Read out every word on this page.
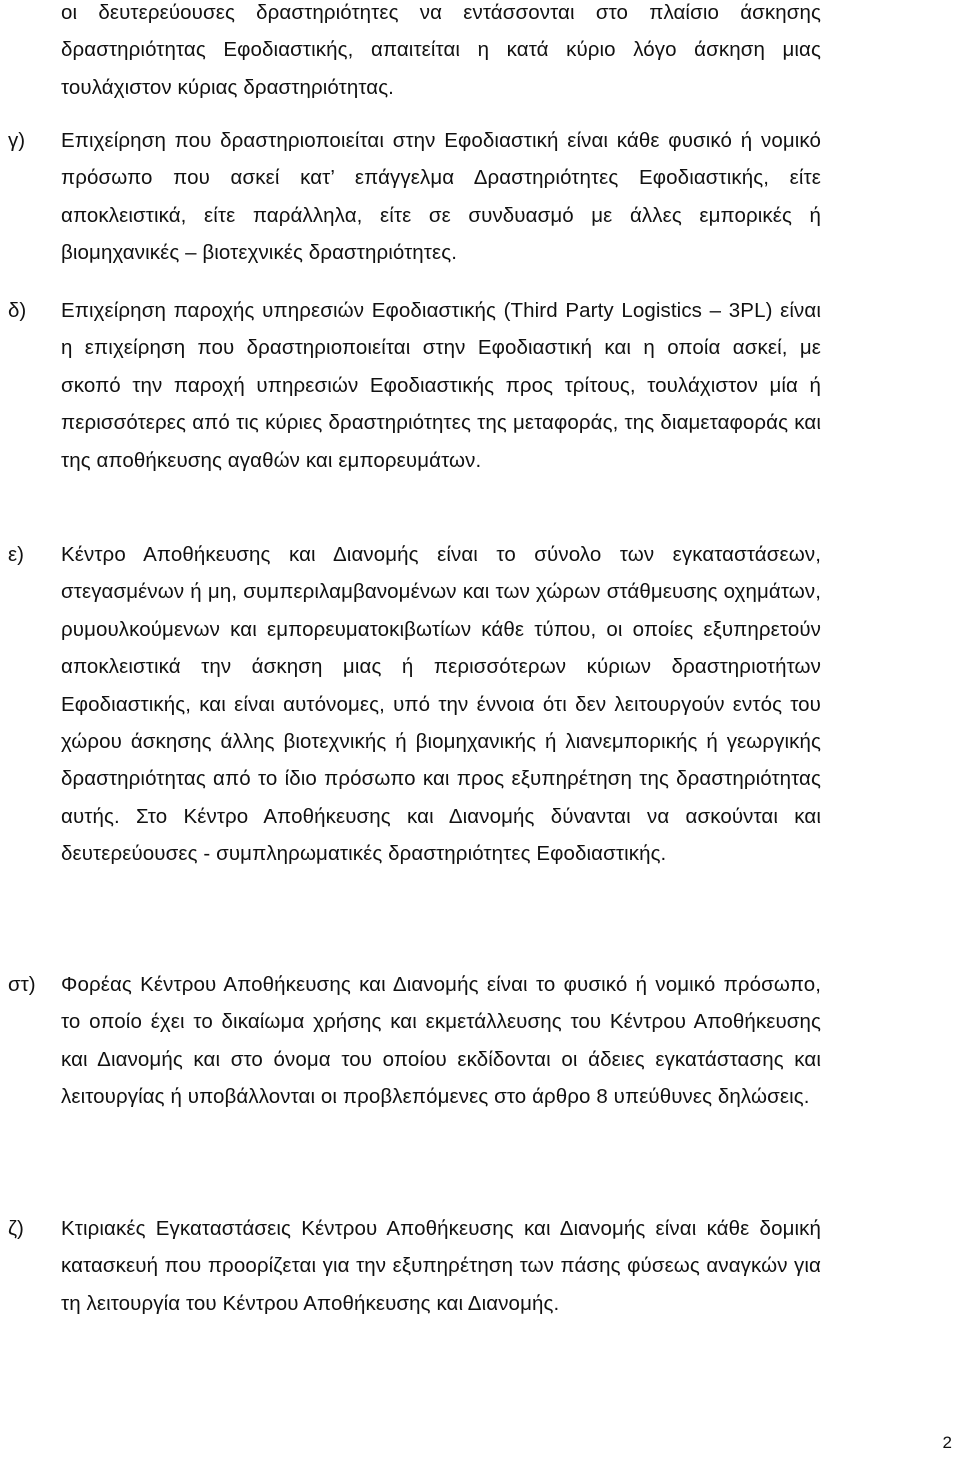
οι δευτερεύουσες δραστηριότητες να εντάσσονται στο πλαίσιο άσκησης δραστηριότητας Εφοδιαστικής, απαιτείται η κατά κύριο λόγο άσκηση μιας τουλάχιστον κύριας δραστηριότητας.
γ) Επιχείρηση που δραστηριοποιείται στην Εφοδιαστική είναι κάθε φυσικό ή νομικό πρόσωπο που ασκεί κατ’ επάγγελμα Δραστηριότητες Εφοδιαστικής, είτε αποκλειστικά, είτε παράλληλα, είτε σε συνδυασμό με άλλες εμπορικές ή βιομηχανικές – βιοτεχνικές δραστηριότητες.
δ) Επιχείρηση παροχής υπηρεσιών Εφοδιαστικής (Third Party Logistics – 3PL) είναι η επιχείρηση που δραστηριοποιείται στην Εφοδιαστική και η οποία ασκεί, με σκοπό την παροχή υπηρεσιών Εφοδιαστικής προς τρίτους, τουλάχιστον μία ή περισσότερες από τις κύριες δραστηριότητες της μεταφοράς, της διαμεταφοράς και της αποθήκευσης αγαθών και εμπορευμάτων.
ε) Κέντρο Αποθήκευσης και Διανομής είναι το σύνολο των εγκαταστάσεων, στεγασμένων ή μη, συμπεριλαμβανομένων και των χώρων στάθμευσης οχημάτων, ρυμουλκούμενων και εμπορευματοκιβωτίων κάθε τύπου, οι οποίες εξυπηρετούν αποκλειστικά την άσκηση μιας ή περισσότερων κύριων δραστηριοτήτων Εφοδιαστικής, και είναι αυτόνομες, υπό την έννοια ότι δεν λειτουργούν εντός του χώρου άσκησης άλλης βιοτεχνικής ή βιομηχανικής ή λιανεμπορικής ή γεωργικής δραστηριότητας από το ίδιο πρόσωπο και προς εξυπηρέτηση της δραστηριότητας αυτής. Στο Κέντρο Αποθήκευσης και Διανομής δύνανται να ασκούνται και δευτερεύουσες - συμπληρωματικές δραστηριότητες Εφοδιαστικής.
στ) Φορέας Κέντρου Αποθήκευσης και Διανομής είναι το φυσικό ή νομικό πρόσωπο, το οποίο έχει το δικαίωμα χρήσης και εκμετάλλευσης του Κέντρου Αποθήκευσης και Διανομής και στο όνομα του οποίου εκδίδονται οι άδειες εγκατάστασης και λειτουργίας ή υποβάλλονται οι προβλεπόμενες στο άρθρο 8 υπεύθυνες δηλώσεις.
ζ) Κτιριακές Εγκαταστάσεις Κέντρου Αποθήκευσης και Διανομής είναι κάθε δομική κατασκευή που προορίζεται για την εξυπηρέτηση των πάσης φύσεως αναγκών για τη λειτουργία του Κέντρου Αποθήκευσης και Διανομής.
2
